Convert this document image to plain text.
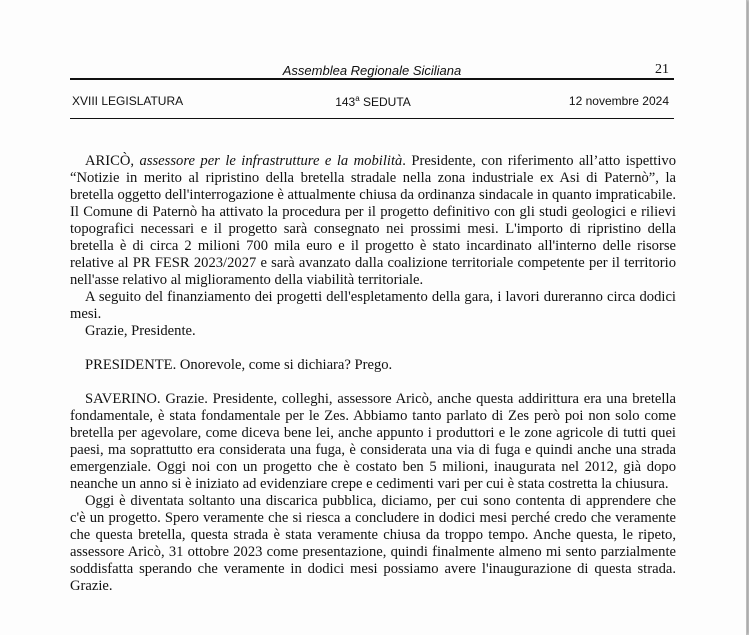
Assemblea Regionale Siciliana	21
XVIII LEGISLATURA	143$^a$ SEDUTA	12 novembre 2024

ARICÒ, assessore per le infrastrutture e la mobilità. Presidente, con riferimento all’atto ispettivo “Notizie in merito al ripristino della bretella stradale nella zona industriale ex Asi di Paternò”, la bretella oggetto dell'interrogazione è attualmente chiusa da ordinanza sindacale in quanto impraticabile. Il Comune di Paternò ha attivato la procedura per il progetto definitivo con gli studi geologici e rilievi topografici necessari e il progetto sarà consegnato nei prossimi mesi. L'importo di ripristino della bretella è di circa 2 milioni 700 mila euro e il progetto è stato incardinato all'interno delle risorse relative al PR FESR 2023/2027 e sarà avanzato dalla coalizione territoriale competente per il territorio nell'asse relativo al miglioramento della viabilità territoriale.

A seguito del finanziamento dei progetti dell'espletamento della gara, i lavori dureranno circa dodici mesi.

Grazie, Presidente.

PRESIDENTE. Onorevole, come si dichiara? Prego.

SAVERINO. Grazie. Presidente, colleghi, assessore Aricò, anche questa addirittura era una bretella fondamentale, è stata fondamentale per le Zes. Abbiamo tanto parlato di Zes però poi non solo come bretella per agevolare, come diceva bene lei, anche appunto i produttori e le zone agricole di tutti quei paesi, ma soprattutto era considerata una fuga, è considerata una via di fuga e quindi anche una strada emergenziale. Oggi noi con un progetto che è costato ben 5 milioni, inaugurata nel 2012, già dopo neanche un anno si è iniziato ad evidenziare crepe e cedimenti vari per cui è stata costretta la chiusura.

Oggi è diventata soltanto una discarica pubblica, diciamo, per cui sono contenta di apprendere che c'è un progetto. Spero veramente che si riesca a concludere in dodici mesi perché credo che veramente che questa bretella, questa strada è stata veramente chiusa da troppo tempo. Anche questa, le ripeto, assessore Aricò, 31 ottobre 2023 come presentazione, quindi finalmente almeno mi sento parzialmente soddisfatta sperando che veramente in dodici mesi possiamo avere l'inaugurazione di questa strada. Grazie.
